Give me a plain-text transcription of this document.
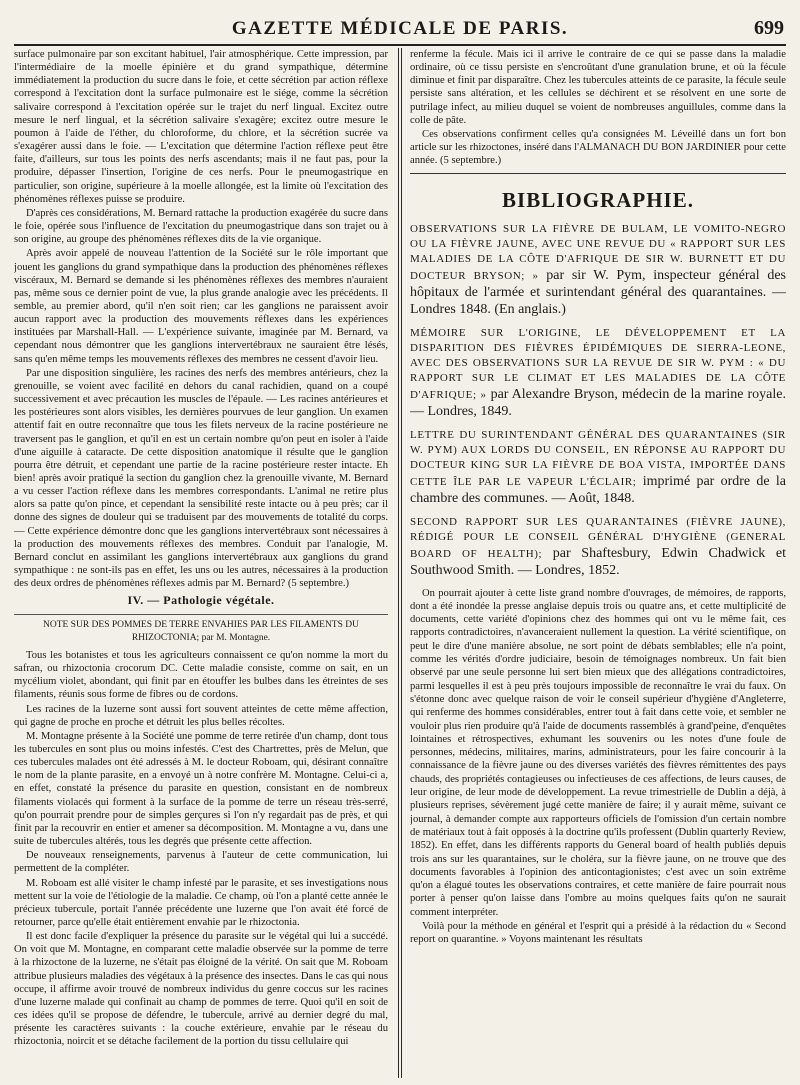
GAZETTE MÉDICALE DE PARIS.	699

surface pulmonaire par son excitant habituel, l'air atmosphérique. Cette impression, par l'intermédiaire de la moelle épinière et du grand sympathique, détermine immédiatement la production du sucre dans le foie, et cette sécrétion par action réflexe correspond à l'excitation dont la surface pulmonaire est le siége, comme la sécrétion salivaire correspond à l'excitation opérée sur le trajet du nerf lingual. Excitez outre mesure le nerf lingual, et la sécrétion salivaire s'exagère; excitez outre mesure le poumon à l'aide de l'éther, du chloroforme, du chlore, et la sécrétion sucrée va s'exagérer aussi dans le foie. — L'excitation que détermine l'action réflexe peut être faite, d'ailleurs, sur tous les points des nerfs ascendants; mais il ne faut pas, pour la produire, dépasser l'insertion, l'origine de ces nerfs. Pour le pneumogastrique en particulier, son origine, supérieure à la moelle allongée, est la limite où l'excitation des phénomènes réflexes puisse se produire.

D'après ces considérations, M. Bernard rattache la production exagérée du sucre dans le foie, opérée sous l'influence de l'excitation du pneumogastrique dans son trajet ou à son origine, au groupe des phénomènes réflexes dits de la vie organique.

Après avoir appelé de nouveau l'attention de la Société sur le rôle important que jouent les ganglions du grand sympathique dans la production des phénomènes réflexes viscéraux, M. Bernard se demande si les phénomènes réflexes des membres n'auraient pas, même sous ce dernier point de vue, la plus grande analogie avec les précédents. Il semble, au premier abord, qu'il n'en soit rien; car les ganglions ne paraissent avoir aucun rapport avec la production des mouvements réflexes dans les expériences instituées par Marshall-Hall. — L'expérience suivante, imaginée par M. Bernard, va cependant nous démontrer que les ganglions intervertébraux ne sauraient être lésés, sans qu'en même temps les mouvements réflexes des membres ne cessent d'avoir lieu.

Par une disposition singulière, les racines des nerfs des membres antérieurs, chez la grenouille, se voient avec facilité en dehors du canal rachidien, quand on a coupé successivement et avec précaution les muscles de l'épaule. — Les racines antérieures et les postérieures sont alors visibles, les dernières pourvues de leur ganglion. Un examen attentif fait en outre reconnaître que tous les filets nerveux de la racine postérieure ne traversent pas le ganglion, et qu'il en est un certain nombre qu'on peut en isoler à l'aide d'une aiguille à cataracte. De cette disposition anatomique il résulte que le ganglion pourra être détruit, et cependant une partie de la racine postérieure rester intacte. Eh bien! après avoir pratiqué la section du ganglion chez la grenouille vivante, M. Bernard a vu cesser l'action réflexe dans les membres correspondants. L'animal ne retire plus alors sa patte qu'on pince, et cependant la sensibilité reste intacte ou à peu près; car il donne des signes de douleur qui se traduisent par des mouvements de totalité du corps. — Cette expérience démontre donc que les ganglions intervertébraux sont nécessaires à la production des mouvements réflexes des membres. Conduit par l'analogie, M. Bernard conclut en assimilant les ganglions intervertébraux aux ganglions du grand sympathique : ne sont-ils pas en effet, les uns ou les autres, nécessaires à la production des deux ordres de phénomènes réflexes admis par M. Bernard? (5 septembre.)

IV. — Pathologie végétale.
NOTE SUR DES POMMES DE TERRE ENVAHIES PAR LES FILAMENTS DU RHIZOCTONIA; par M. Montagne.

Tous les botanistes et tous les agriculteurs connaissent ce qu'on nomme la mort du safran, ou rhizoctonia crocorum DC. Cette maladie consiste, comme on sait, en un mycélium violet, abondant, qui finit par en étouffer les bulbes dans les étreintes de ses filaments, réunis sous forme de fibres ou de cordons.

Les racines de la luzerne sont aussi fort souvent atteintes de cette même affection, qui gagne de proche en proche et détruit les plus belles récoltes.

M. Montagne présente à la Société une pomme de terre retirée d'un champ, dont tous les tubercules en sont plus ou moins infestés. C'est des Chartrettes, près de Melun, que ces tubercules malades ont été adressés à M. le docteur Roboam, qui, désirant connaître le nom de la plante parasite, en a envoyé un à notre confrère M. Montagne. Celui-ci a, en effet, constaté la présence du parasite en question, consistant en de nombreux filaments violacés qui forment à la surface de la pomme de terre un réseau très-serré, qu'on pourrait prendre pour de simples gerçures si l'on n'y regardait pas de près, et qui finit par la recouvrir en entier et amener sa décomposition. M. Montagne a vu, dans une suite de tubercules altérés, tous les degrés que présente cette affection.

De nouveaux renseignements, parvenus à l'auteur de cette communication, lui permettent de la compléter.

M. Roboam est allé visiter le champ infesté par le parasite, et ses investigations nous mettent sur la voie de l'étiologie de la maladie. Ce champ, où l'on a planté cette année le précieux tubercule, portait l'année précédente une luzerne que l'on avait été forcé de retourner, parce qu'elle était entièrement envahie par le rhizoctonia.

Il est donc facile d'expliquer la présence du parasite sur le végétal qui lui a succédé. On voit que M. Montagne, en comparant cette maladie observée sur la pomme de terre à la rhizoctone de la luzerne, ne s'était pas éloigné de la vérité. On sait que M. Roboam attribue plusieurs maladies des végétaux à la présence des insectes. Dans le cas qui nous occupe, il affirme avoir trouvé de nombreux individus du genre coccus sur les racines d'une luzerne malade qui confinait au champ de pommes de terre. Quoi qu'il en soit de ces idées qu'il se propose de défendre, le tubercule, arrivé au dernier degré du mal, présente les caractères suivants : la couche extérieure, envahie par le réseau du rhizoctonia, noircit et se détache facilement de la portion du tissu cellulaire qui

renferme la fécule. Mais ici il arrive le contraire de ce qui se passe dans la maladie ordinaire, où ce tissu persiste en s'encroûtant d'une granulation brune, et où la fécule diminue et finit par disparaître. Chez les tubercules atteints de ce parasite, la fécule seule persiste sans altération, et les cellules se déchirent et se résolvent en une sorte de putrilage infect, au milieu duquel se voient de nombreuses anguillules, comme dans la colle de pâte.

Ces observations confirment celles qu'a consignées M. Léveillé dans un fort bon article sur les rhizoctones, inséré dans l'ALMANACH DU BON JARDINIER pour cette année. (5 septembre.)

BIBLIOGRAPHIE.
OBSERVATIONS SUR LA FIÈVRE DE BULAM, LE VOMITO-NEGRO OU LA FIÈVRE JAUNE, AVEC UNE REVUE DU « RAPPORT SUR LES MALADIES DE LA CÔTE D'AFRIQUE DE SIR W. BURNETT ET DU DOCTEUR BRYSON; » par sir W. Pym, inspecteur général des hôpitaux de l'armée et surintendant général des quarantaines. — Londres 1848. (En anglais.)
MÉMOIRE SUR L'ORIGINE, LE DÉVELOPPEMENT ET LA DISPARITION DES FIÈVRES ÉPIDÉMIQUES DE SIERRA-LEONE, AVEC DES OBSERVATIONS SUR LA REVUE DE SIR W. PYM : « DU RAPPORT SUR LE CLIMAT ET LES MALADIES DE LA CÔTE D'AFRIQUE; » par Alexandre Bryson, médecin de la marine royale. — Londres, 1849.
LETTRE DU SURINTENDANT GÉNÉRAL DES QUARANTAINES (SIR W. PYM) AUX LORDS DU CONSEIL, EN RÉPONSE AU RAPPORT DU DOCTEUR KING SUR LA FIÈVRE DE BOA VISTA, IMPORTÉE DANS CETTE ÎLE PAR LE VAPEUR L'ÉCLAIR; imprimé par ordre de la chambre des communes. — Août, 1848.
SECOND RAPPORT SUR LES QUARANTAINES (FIÈVRE JAUNE), RÉDIGÉ POUR LE CONSEIL GÉNÉRAL D'HYGIÈNE (GENERAL BOARD OF HEALTH); par Shaftesbury, Edwin Chadwick et Southwood Smith. — Londres, 1852.

On pourrait ajouter à cette liste grand nombre d'ouvrages, de mémoires, de rapports, dont a été inondée la presse anglaise depuis trois ou quatre ans, et cette multiplicité de documents, cette variété d'opinions chez des hommes qui ont vu le même fait, ces rapports contradictoires, n'avanceraient nullement la question. La vérité scientifique, on peut le dire d'une manière absolue, ne sort point de débats semblables; elle n'a point, comme les vérités d'ordre judiciaire, besoin de témoignages nombreux. Un fait bien observé par une seule personne lui sert bien mieux que des allégations contradictoires, parmi lesquelles il est à peu près toujours impossible de reconnaître le vrai du faux. On s'étonne donc avec quelque raison de voir le conseil supérieur d'hygiène d'Angleterre, qui renferme des hommes considérables, entrer tout à fait dans cette voie, et sembler ne vouloir plus rien produire qu'à l'aide de documents rassemblés à grand'peine, d'enquêtes lointaines et rétrospectives, exhumant les souvenirs ou les notes d'une foule de personnes, médecins, militaires, marins, administrateurs, pour les faire concourir à la connaissance de la fièvre jaune ou des diverses variétés des fièvres rémittentes des pays chauds, des propriétés contagieuses ou infectieuses de ces affections, de leurs causes, de leur origine, de leur mode de développement. La revue trimestrielle de Dublin a déjà, à plusieurs reprises, sévèrement jugé cette manière de faire; il y aurait même, suivant ce journal, à demander compte aux rapporteurs officiels de l'omission d'un certain nombre de matériaux tout à fait opposés à la doctrine qu'ils professent (Dublin quarterly Review, 1852). En effet, dans les différents rapports du General board of health publiés depuis trois ans sur les quarantaines, sur le choléra, sur la fièvre jaune, on ne trouve que des documents favorables à l'opinion des anticontagionistes; c'est avec un soin extrême qu'on a élagué toutes les observations contraires, et cette manière de faire pourrait nous porter à penser qu'on laisse dans l'ombre au moins quelques faits qu'on ne saurait comment interpréter.

Voilà pour la méthode en général et l'esprit qui a présidé à la rédaction du « Second report on quarantine. » Voyons maintenant les résultats
